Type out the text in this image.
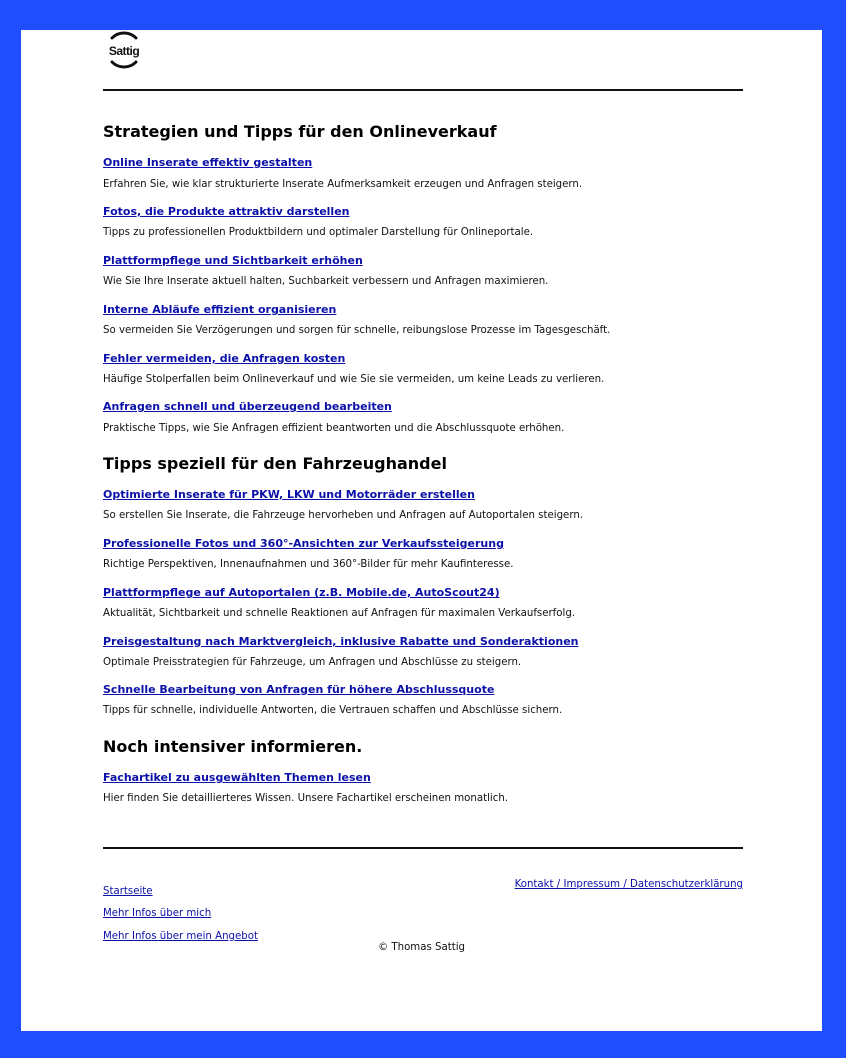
Sattig
Strategien und Tipps für den Onlineverkauf
Online Inserate effektiv gestalten

Erfahren Sie, wie klar strukturierte Inserate Aufmerksamkeit erzeugen und Anfragen steigern.

Fotos, die Produkte attraktiv darstellen

Tipps zu professionellen Produktbildern und optimaler Darstellung für Onlineportale.

Plattformpflege und Sichtbarkeit erhöhen

Wie Sie Ihre Inserate aktuell halten, Suchbarkeit verbessern und Anfragen maximieren.

Interne Abläufe effizient organisieren

So vermeiden Sie Verzögerungen und sorgen für schnelle, reibungslose Prozesse im Tagesgeschäft.

Fehler vermeiden, die Anfragen kosten

Häufige Stolperfallen beim Onlineverkauf und wie Sie sie vermeiden, um keine Leads zu verlieren.

Anfragen schnell und überzeugend bearbeiten

Praktische Tipps, wie Sie Anfragen effizient beantworten und die Abschlussquote erhöhen.

Tipps speziell für den Fahrzeughandel
Optimierte Inserate für PKW, LKW und Motorräder erstellen

So erstellen Sie Inserate, die Fahrzeuge hervorheben und Anfragen auf Autoportalen steigern.

Professionelle Fotos und 360°-Ansichten zur Verkaufssteigerung

Richtige Perspektiven, Innenaufnahmen und 360°-Bilder für mehr Kaufinteresse.

Plattformpflege auf Autoportalen (z.B. Mobile.de, AutoScout24)

Aktualität, Sichtbarkeit und schnelle Reaktionen auf Anfragen für maximalen Verkaufserfolg.

Preisgestaltung nach Marktvergleich, inklusive Rabatte und Sonderaktionen

Optimale Preisstrategien für Fahrzeuge, um Anfragen und Abschlüsse zu steigern.

Schnelle Bearbeitung von Anfragen für höhere Abschlussquote

Tipps für schnelle, individuelle Antworten, die Vertrauen schaffen und Abschlüsse sichern.

Noch intensiver informieren.
Fachartikel zu ausgewählten Themen lesen

Hier finden Sie detaillierteres Wissen. Unsere Fachartikel erscheinen monatlich.

Startseite
Mehr Infos über mich
Mehr Infos über mein Angebot
Kontakt / Impressum / Datenschutzerklärung
© Thomas Sattig
